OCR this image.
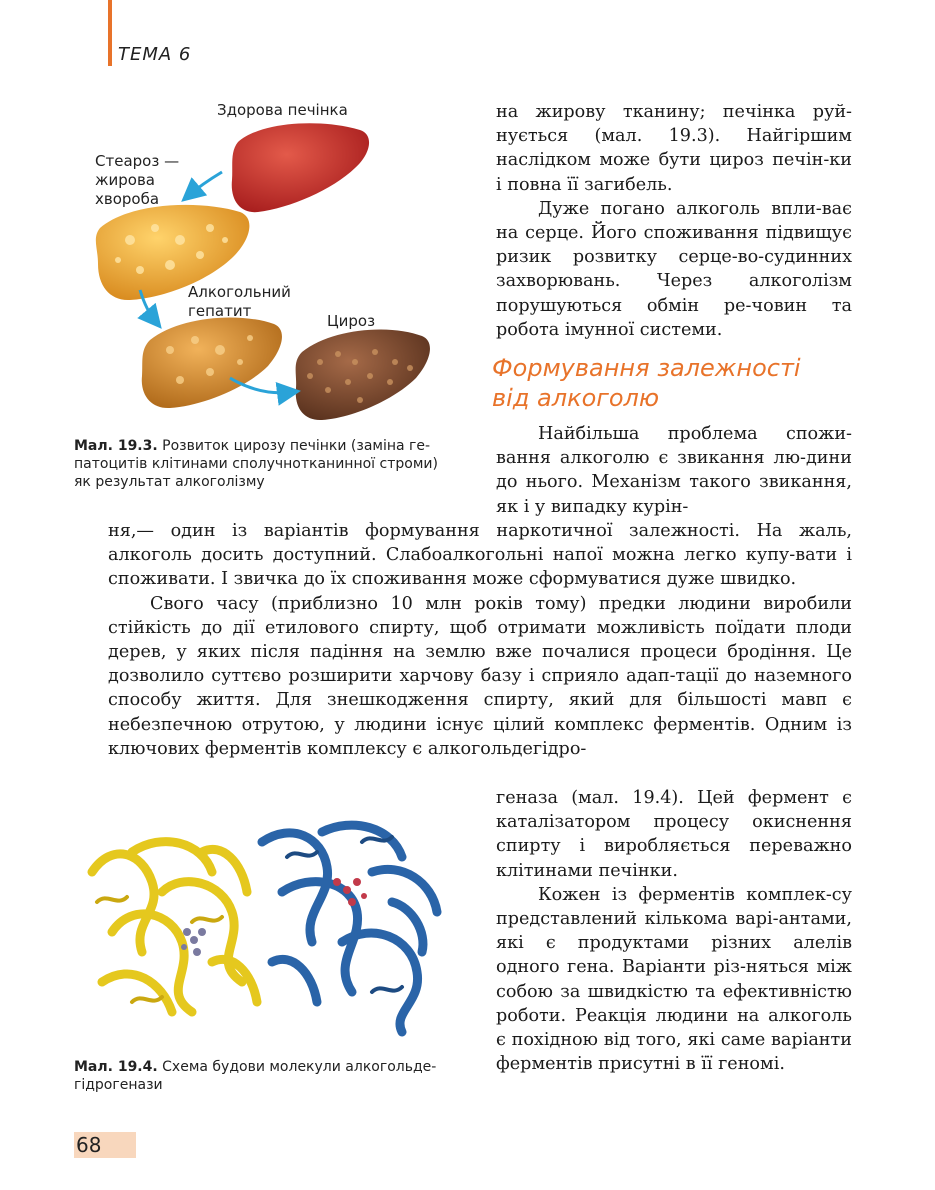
ТЕМА 6
Здорова печінка
Стеароз —
жирова
хвороба
Алкогольний
гепатит
Цироз
Мал. 19.3. Розвиток цирозу печінки (заміна ге-
патоцитів клітинами сполучнотканинної строми)
як результат алкоголізму

на жирову тканину; печінка руй-нується (мал. 19.3). Найгіршим наслідком може бути цироз печін-ки і повна її загибель.

Дуже погано алкоголь впли-ває на серце. Його споживання підвищує ризик розвитку серце-во-судинних захворювань. Через алкоголізм порушуються обмін ре-човин та робота імунної системи.

Формування залежності
від алкоголю

Найбільша проблема спожи-вання алкоголю є звикання лю-дини до нього. Механізм такого звикання, як і у випадку курін-

ня,— один із варіантів формування наркотичної залежності. На жаль, алкоголь досить доступний. Слабоалкогольні напої можна легко купу-вати і споживати. І звичка до їх споживання може сформуватися дуже швидко.

Свого часу (приблизно 10 млн років тому) предки людини виробили стійкість до дії етилового спирту, щоб отримати можливість поїдати плоди дерев, у яких після падіння на землю вже почалися процеси бродіння. Це дозволило суттєво розширити харчову базу і сприяло адап-тації до наземного способу життя. Для знешкодження спирту, який для більшості мавп є небезпечною отрутою, у людини існує цілий комплекс ферментів. Одним із ключових ферментів комплексу є алкогольдегідро-

геназа (мал. 19.4). Цей фермент є каталізатором процесу окиснення спирту і виробляється переважно клітинами печінки.

Кожен із ферментів комплек-су представлений кількома варі-антами, які є продуктами різних алелів одного гена. Варіанти різ-няться між собою за швидкістю та ефективністю роботи. Реакція людини на алкоголь є похідною від того, які саме варіанти ферментів присутні в її геномі.

Мал. 19.4. Схема будови молекули алкогольде-
гідрогенази
68
